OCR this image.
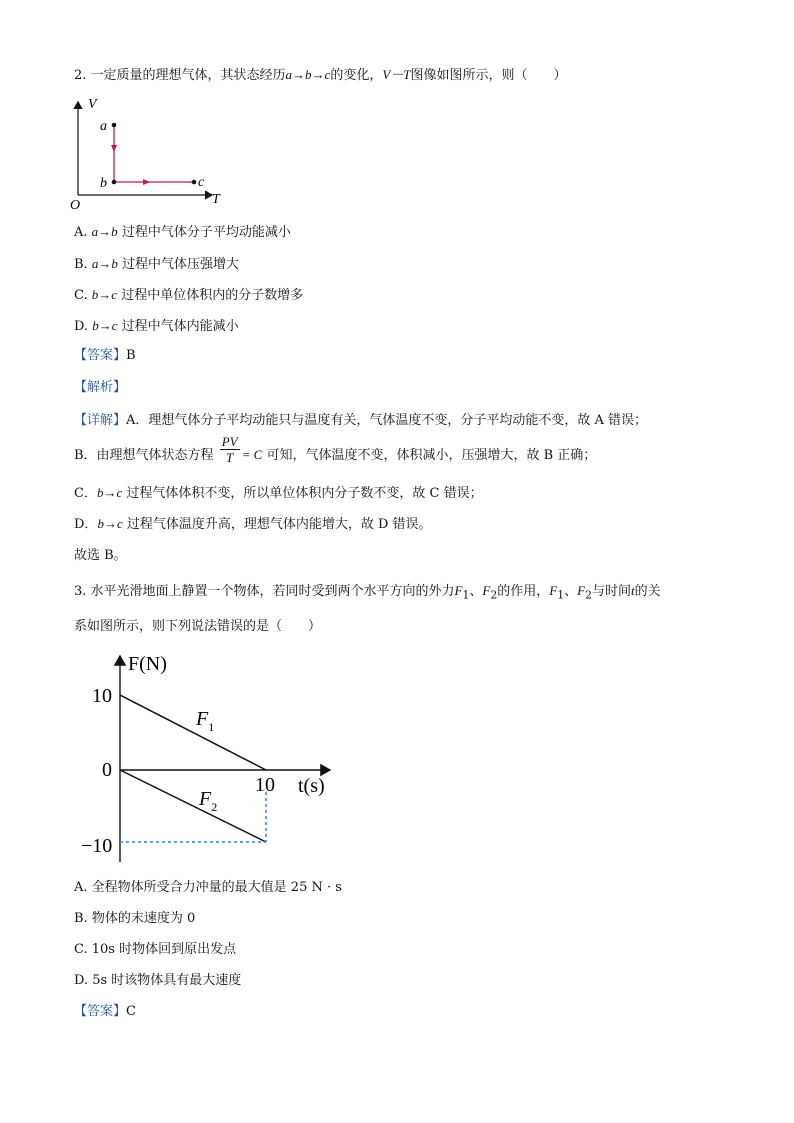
2. 一定质量的理想气体，其状态经历a→b→c的变化，V－T图像如图所示，则（　　）
V
T
O
a
b	c
A. a→b 过程中气体分子平均动能减小
B. a→b 过程中气体压强增大
C. b→c 过程中单位体积内的分子数增多
D. b→c 过程中气体内能减小
【答案】B
【解析】
【详解】A．理想气体分子平均动能只与温度有关，气体温度不变，分子平均动能不变，故 A 错误；
B．由理想气体状态方程 $\frac{PV}{T} = C$ 可知，气体温度不变，体积减小，压强增大，故 B 正确；
C．b→c 过程气体体积不变，所以单位体积内分子数不变，故 C 错误；
D．b→c 过程气体温度升高，理想气体内能增大，故 D 错误。
故选 B。
3. 水平光滑地面上静置一个物体，若同时受到两个水平方向的外力$F_1$、$F_2$的作用，$F_1$、$F_2$与时间t的关
系如图所示，则下列说法错误的是（　　）
F(N)
t(s)
10
0
−10
10
$F_1$
$F_2$
A. 全程物体所受合力冲量的最大值是 25 N · s
B. 物体的末速度为 0
C. 10s 时物体回到原出发点
D. 5s 时该物体具有最大速度
【答案】C
